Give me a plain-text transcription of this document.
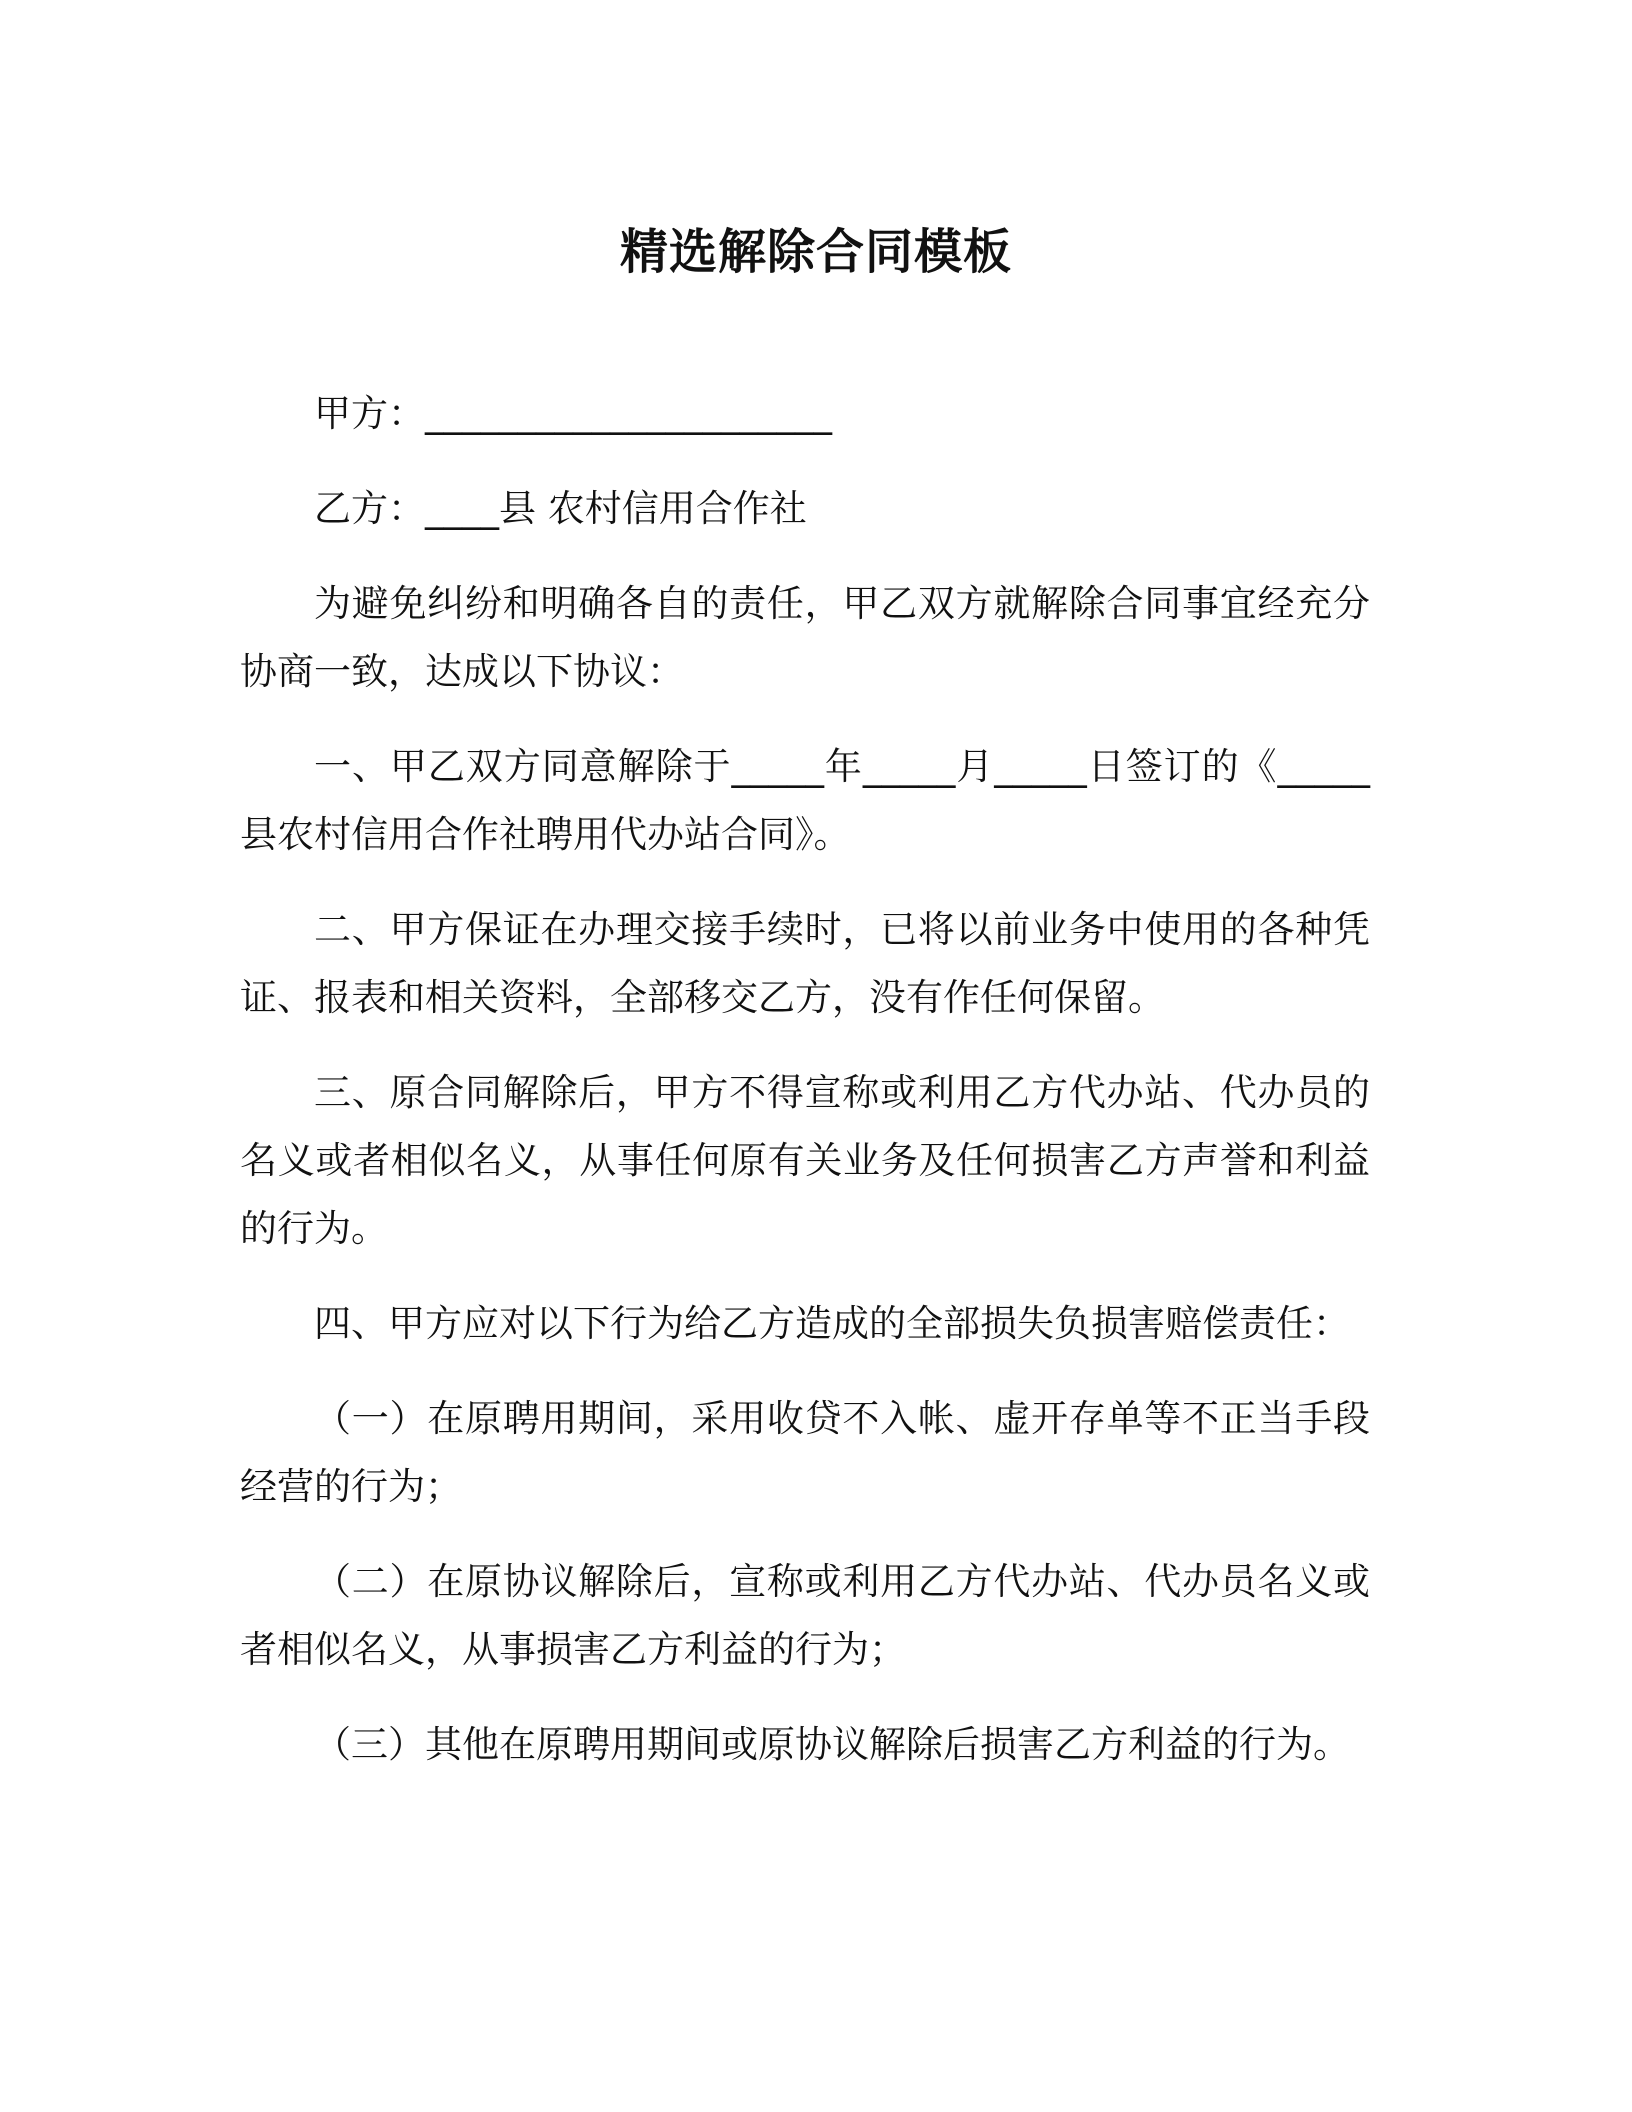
精选解除合同模板
甲方：______________________
乙方：____县 农村信用合作社

为避免纠纷和明确各自的责任，甲乙双方就解除合同事宜经充分协商一致，达成以下协议：

一、甲乙双方同意解除于_____年_____月_____日签订的《_____县农村信用合作社聘用代办站合同》。

二、甲方保证在办理交接手续时，已将以前业务中使用的各种凭证、报表和相关资料，全部移交乙方，没有作任何保留。

三、原合同解除后，甲方不得宣称或利用乙方代办站、代办员的名义或者相似名义，从事任何原有关业务及任何损害乙方声誉和利益的行为。

四、甲方应对以下行为给乙方造成的全部损失负损害赔偿责任：

（一）在原聘用期间，采用收贷不入帐、虚开存单等不正当手段经营的行为；

（二）在原协议解除后，宣称或利用乙方代办站、代办员名义或者相似名义，从事损害乙方利益的行为；

（三）其他在原聘用期间或原协议解除后损害乙方利益的行为。
